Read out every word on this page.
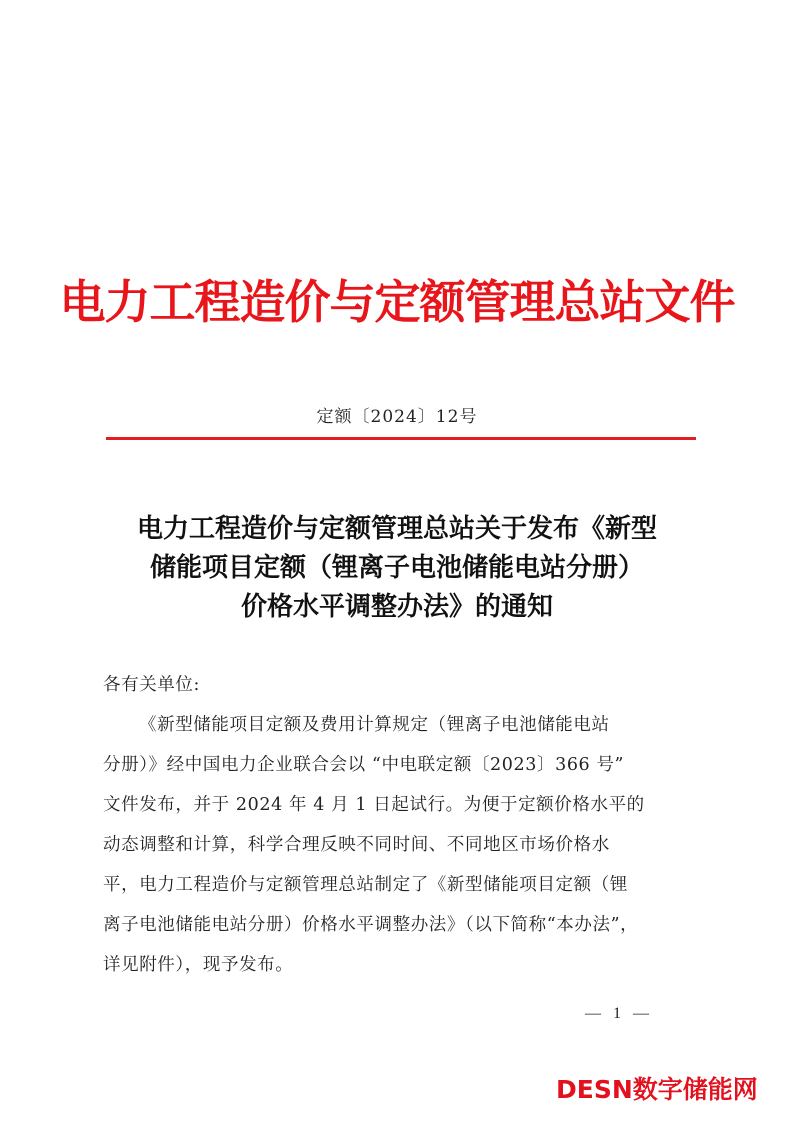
电力工程造价与定额管理总站文件
定额〔2024〕12号
电力工程造价与定额管理总站关于发布《新型
储能项目定额（锂离子电池储能电站分册）
价格水平调整办法》的通知
各有关单位:
《新型储能项目定额及费用计算规定（锂离子电池储能电站
分册）》经中国电力企业联合会以 “中电联定额〔2023〕366 号”
文件发布，并于 2024 年 4 月 1 日起试行。为便于定额价格水平的
动态调整和计算，科学合理反映不同时间、不同地区市场价格水
平，电力工程造价与定额管理总站制定了《新型储能项目定额（锂
离子电池储能电站分册）价格水平调整办法》（以下简称“本办法”，
详见附件），现予发布。
— 1 —
DESN数字储能网
